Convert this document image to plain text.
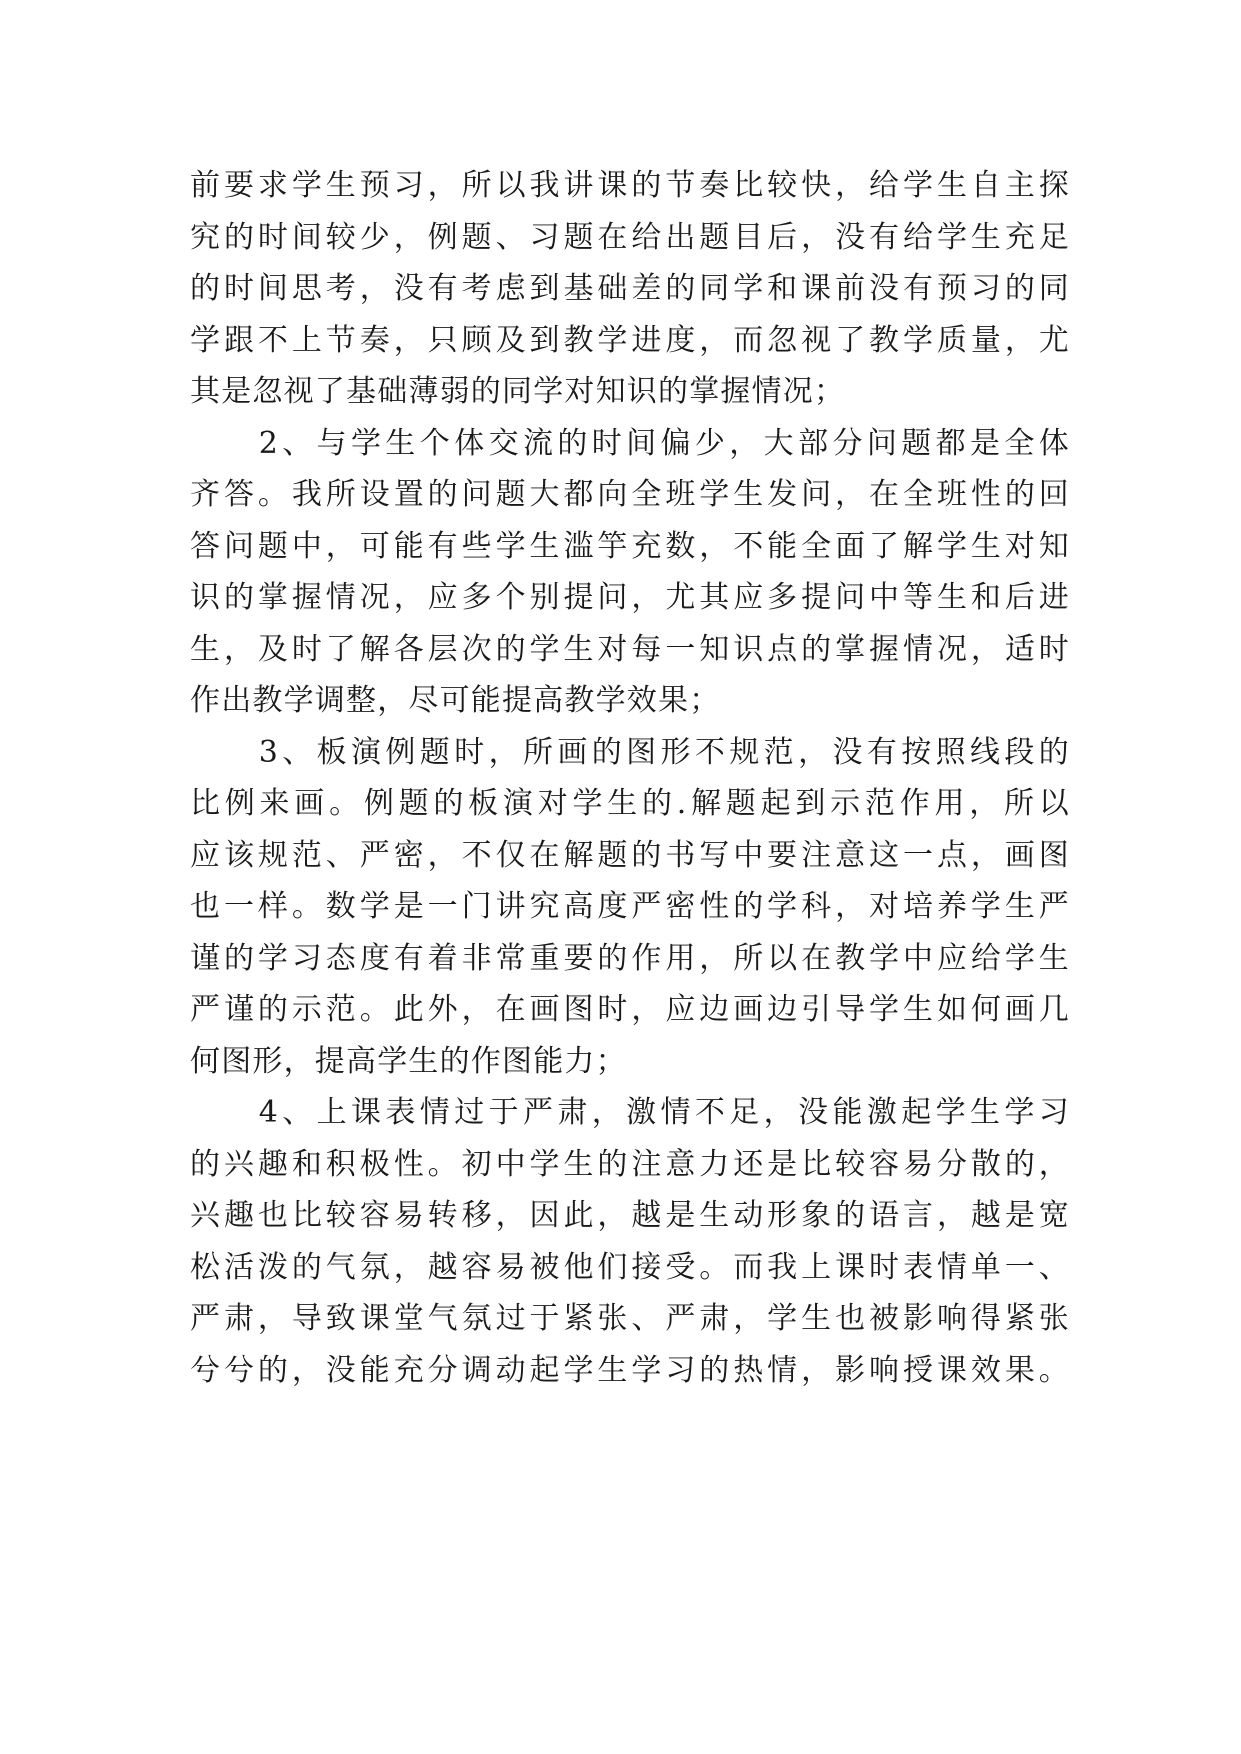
前要求学生预习，所以我讲课的节奏比较快，给学生自主探
究的时间较少，例题、习题在给出题目后，没有给学生充足
的时间思考，没有考虑到基础差的同学和课前没有预习的同
学跟不上节奏，只顾及到教学进度，而忽视了教学质量，尤
其是忽视了基础薄弱的同学对知识的掌握情况；
　　2、与学生个体交流的时间偏少，大部分问题都是全体
齐答。我所设置的问题大都向全班学生发问，在全班性的回
答问题中，可能有些学生滥竽充数，不能全面了解学生对知
识的掌握情况，应多个别提问，尤其应多提问中等生和后进
生，及时了解各层次的学生对每一知识点的掌握情况，适时
作出教学调整，尽可能提高教学效果；
　　3、板演例题时，所画的图形不规范，没有按照线段的
比例来画。例题的板演对学生的.解题起到示范作用，所以
应该规范、严密，不仅在解题的书写中要注意这一点，画图
也一样。数学是一门讲究高度严密性的学科，对培养学生严
谨的学习态度有着非常重要的作用，所以在教学中应给学生
严谨的示范。此外，在画图时，应边画边引导学生如何画几
何图形，提高学生的作图能力；
　　4、上课表情过于严肃，激情不足，没能激起学生学习
的兴趣和积极性。初中学生的注意力还是比较容易分散的，
兴趣也比较容易转移，因此，越是生动形象的语言，越是宽
松活泼的气氛，越容易被他们接受。而我上课时表情单一、
严肃，导致课堂气氛过于紧张、严肃，学生也被影响得紧张
兮兮的，没能充分调动起学生学习的热情，影响授课效果。
